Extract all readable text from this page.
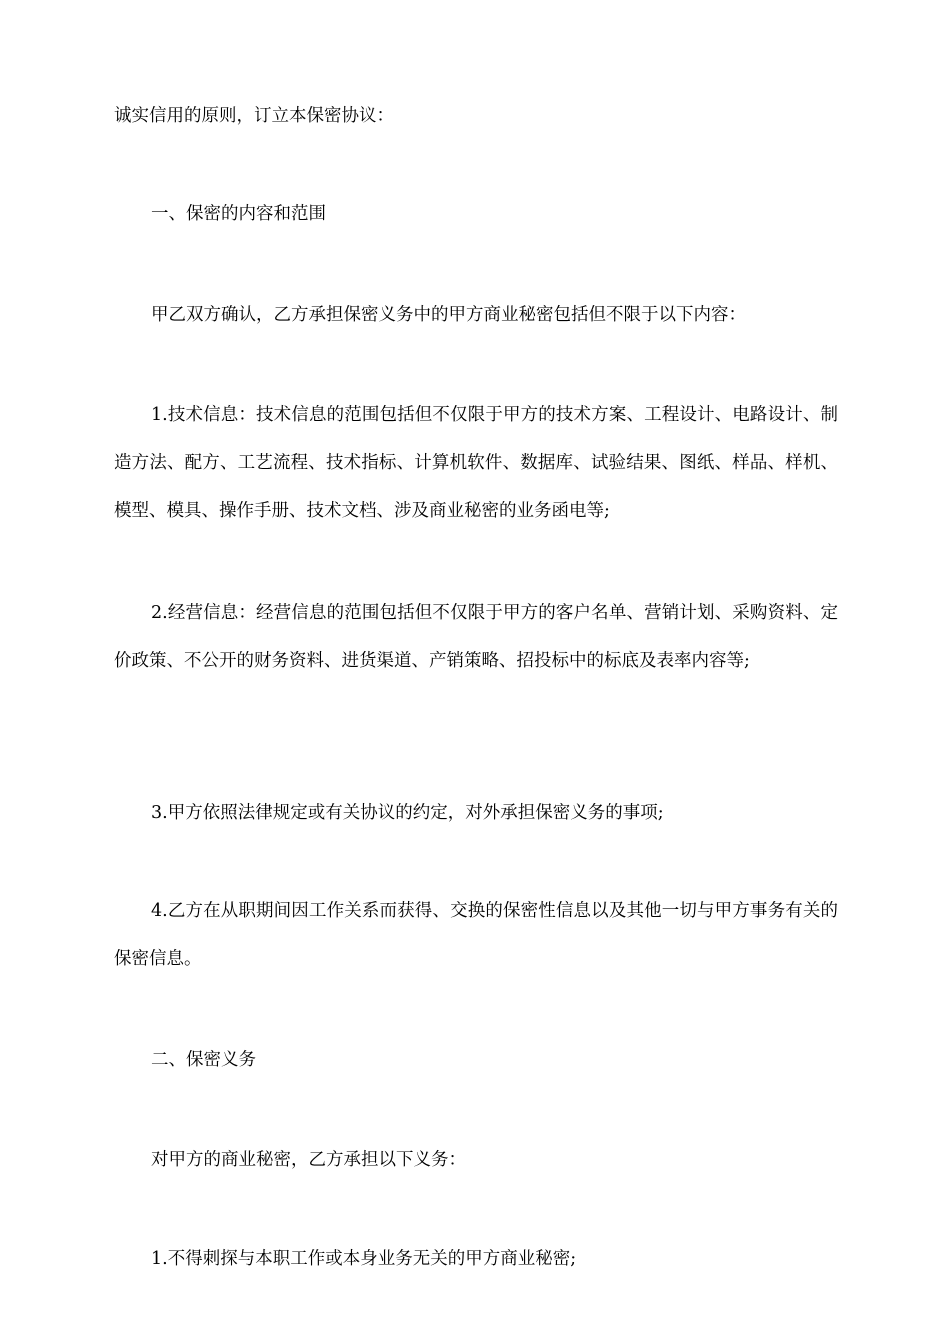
诚实信用的原则，订立本保密协议：

一、保密的内容和范围

甲乙双方确认，乙方承担保密义务中的甲方商业秘密包括但不限于以下内容：

1.技术信息：技术信息的范围包括但不仅限于甲方的技术方案、工程设计、电路设计、制造方法、配方、工艺流程、技术指标、计算机软件、数据库、试验结果、图纸、样品、样机、模型、模具、操作手册、技术文档、涉及商业秘密的业务函电等;

2.经营信息：经营信息的范围包括但不仅限于甲方的客户名单、营销计划、采购资料、定价政策、不公开的财务资料、进货渠道、产销策略、招投标中的标底及表率内容等;

3.甲方依照法律规定或有关协议的约定，对外承担保密义务的事项;

4.乙方在从职期间因工作关系而获得、交换的保密性信息以及其他一切与甲方事务有关的保密信息。

二、保密义务

对甲方的商业秘密，乙方承担以下义务：

1.不得刺探与本职工作或本身业务无关的甲方商业秘密;
